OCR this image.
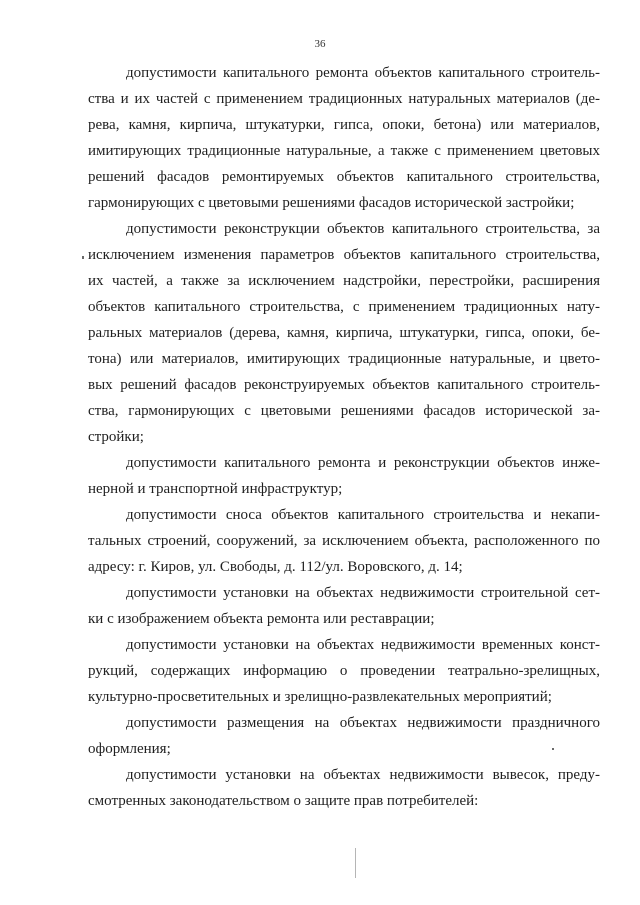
36
допустимости капитального ремонта объектов капитального строитель-
ства и их частей с применением традиционных натуральных материалов (де-
рева, камня, кирпича, штукатурки, гипса, опоки, бетона) или материалов,
имитирующих традиционные натуральные, а также с применением цветовых
решений фасадов ремонтируемых объектов капитального строительства,
гармонирующих с цветовыми решениями фасадов исторической застройки;
допустимости реконструкции объектов капитального строительства, за
исключением изменения параметров объектов капитального строительства,
их частей, а также за исключением надстройки, перестройки, расширения
объектов капитального строительства, с применением традиционных нату-
ральных материалов (дерева, камня, кирпича, штукатурки, гипса, опоки, бе-
тона) или материалов, имитирующих традиционные натуральные, и цвето-
вых решений фасадов реконструируемых объектов капитального строитель-
ства, гармонирующих с цветовыми решениями фасадов исторической за-
стройки;
допустимости капитального ремонта и реконструкции объектов инже-
нерной и транспортной инфраструктур;
допустимости сноса объектов капитального строительства и некапи-
тальных строений, сооружений, за исключением объекта, расположенного по
адресу: г. Киров, ул. Свободы, д. 112/ул. Воровского, д. 14;
допустимости установки на объектах недвижимости строительной сет-
ки с изображением объекта ремонта или реставрации;
допустимости установки на объектах недвижимости временных конст-
рукций, содержащих информацию о проведении театрально-зрелищных,
культурно-просветительных и зрелищно-развлекательных мероприятий;
допустимости размещения на объектах недвижимости праздничного
оформления;
допустимости установки на объектах недвижимости вывесок, преду-
смотренных законодательством о защите прав потребителей:
